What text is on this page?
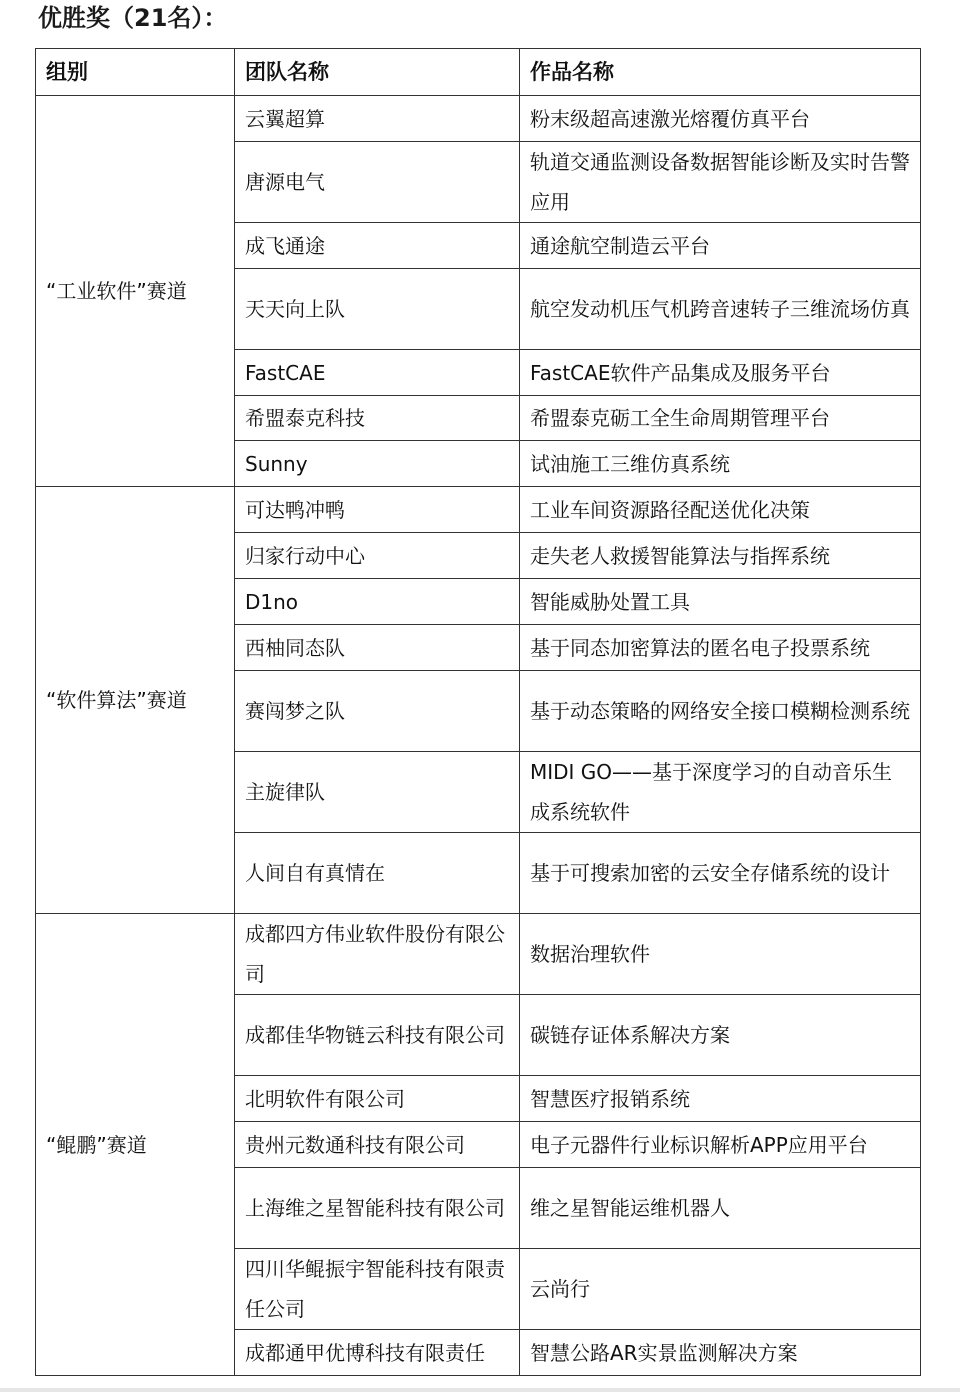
优胜奖（21名）：
组别	团队名称	作品名称
“工业软件”赛道	云翼超算	粉末级超高速激光熔覆仿真平台
	唐源电气	轨道交通监测设备数据智能诊断及实时告警应用
	成飞通途	通途航空制造云平台
	天天向上队	航空发动机压气机跨音速转子三维流场仿真
	FastCAE	FastCAE软件产品集成及服务平台
	希盟泰克科技	希盟泰克砺工全生命周期管理平台
	Sunny	试油施工三维仿真系统
“软件算法”赛道	可达鸭冲鸭	工业车间资源路径配送优化决策
	归家行动中心	走失老人救援智能算法与指挥系统
	D1no	智能威胁处置工具
	西柚同态队	基于同态加密算法的匿名电子投票系统
	赛闯梦之队	基于动态策略的网络安全接口模糊检测系统
	主旋律队	MIDI GO——基于深度学习的自动音乐生成系统软件
	人间自有真情在	基于可搜索加密的云安全存储系统的设计
“鲲鹏”赛道	成都四方伟业软件股份有限公司	数据治理软件
	成都佳华物链云科技有限公司	碳链存证体系解决方案
	北明软件有限公司	智慧医疗报销系统
	贵州元数通科技有限公司	电子元器件行业标识解析APP应用平台
	上海维之星智能科技有限公司	维之星智能运维机器人
	四川华鲲振宇智能科技有限责任公司	云尚行
	成都通甲优博科技有限责任	智慧公路AR实景监测解决方案
